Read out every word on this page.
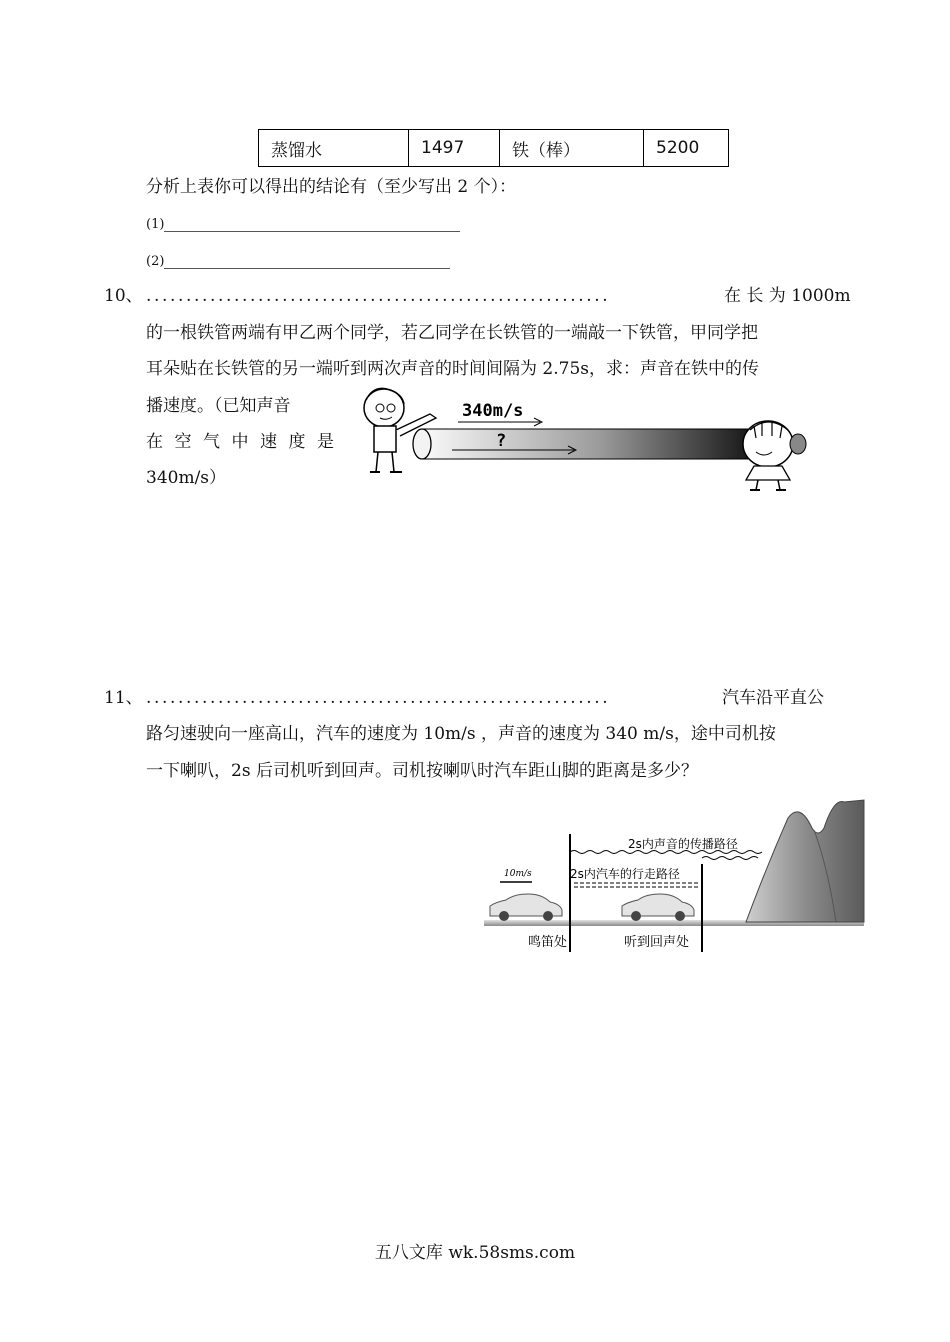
蒸馏水	1497	铁（棒）	5200
分析上表你可以得出的结论有（至少写出 2 个）：
(1)
(2)
10、 ..........................................................	在 长 为 1000m
的一根铁管两端有甲乙两个同学，若乙同学在长铁管的一端敲一下铁管，甲同学把
耳朵贴在长铁管的另一端听到两次声音的时间间隔为 2.75s，求：声音在铁中的传
播速度。（已知声音
在 空 气 中 速 度 是
340m/s）
340m/s
?
11、 ..........................................................	汽车沿平直公
路匀速驶向一座高山，汽车的速度为 10m/s ，声音的速度为 340 m/s，途中司机按
一下喇叭，2s 后司机听到回声。司机按喇叭时汽车距山脚的距离是多少？
2s内声音的传播路径
2s内汽车的行走路径
10m/s
鸣笛处	听到回声处
五八文库 wk.58sms.com
